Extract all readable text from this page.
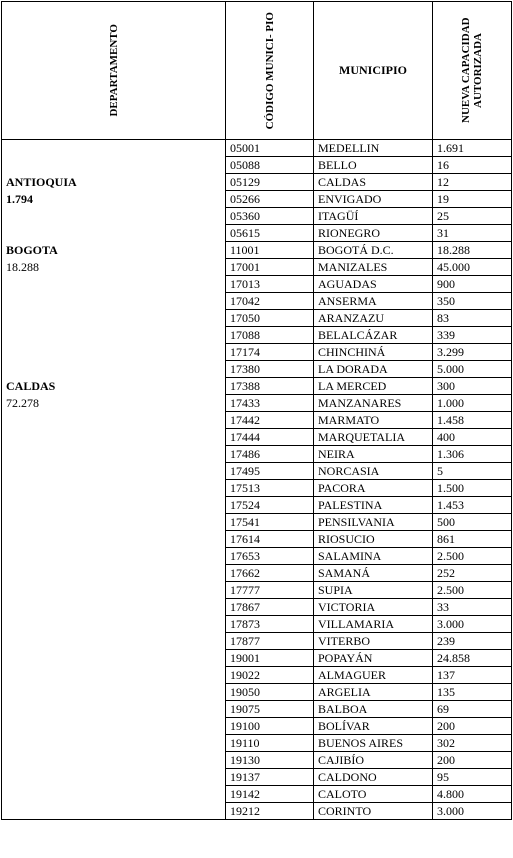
DEPARTAMENTO	CÓDIGO MUNICI- PIO	MUNICIPIO	NUEVA CAPACIDAD AUTORIZADA

	05001	MEDELLIN	1.691
	05088	BELLO	16
ANTIOQUIA	05129	CALDAS	12
1.794	05266	ENVIGADO	19
	05360	ITAGÜÍ	25
	05615	RIONEGRO	31
BOGOTA	11001	BOGOTÁ D.C.	18.288
18.288	17001	MANIZALES	45.000
	17013	AGUADAS	900
	17042	ANSERMA	350
	17050	ARANZAZU	83
	17088	BELALCÁZAR	339
	17174	CHINCHINÁ	3.299
	17380	LA DORADA	5.000
CALDAS	17388	LA MERCED	300
72.278	17433	MANZANARES	1.000
	17442	MARMATO	1.458
	17444	MARQUETALIA	400
	17486	NEIRA	1.306
	17495	NORCASIA	5
	17513	PACORA	1.500
	17524	PALESTINA	1.453
	17541	PENSILVANIA	500
	17614	RIOSUCIO	861
	17653	SALAMINA	2.500
	17662	SAMANÁ	252
	17777	SUPIA	2.500
	17867	VICTORIA	33
	17873	VILLAMARIA	3.000
	17877	VITERBO	239
	19001	POPAYÁN	24.858
	19022	ALMAGUER	137
	19050	ARGELIA	135
	19075	BALBOA	69
	19100	BOLÍVAR	200
	19110	BUENOS AIRES	302
	19130	CAJIBÍO	200
	19137	CALDONO	95
	19142	CALOTO	4.800
	19212	CORINTO	3.000
